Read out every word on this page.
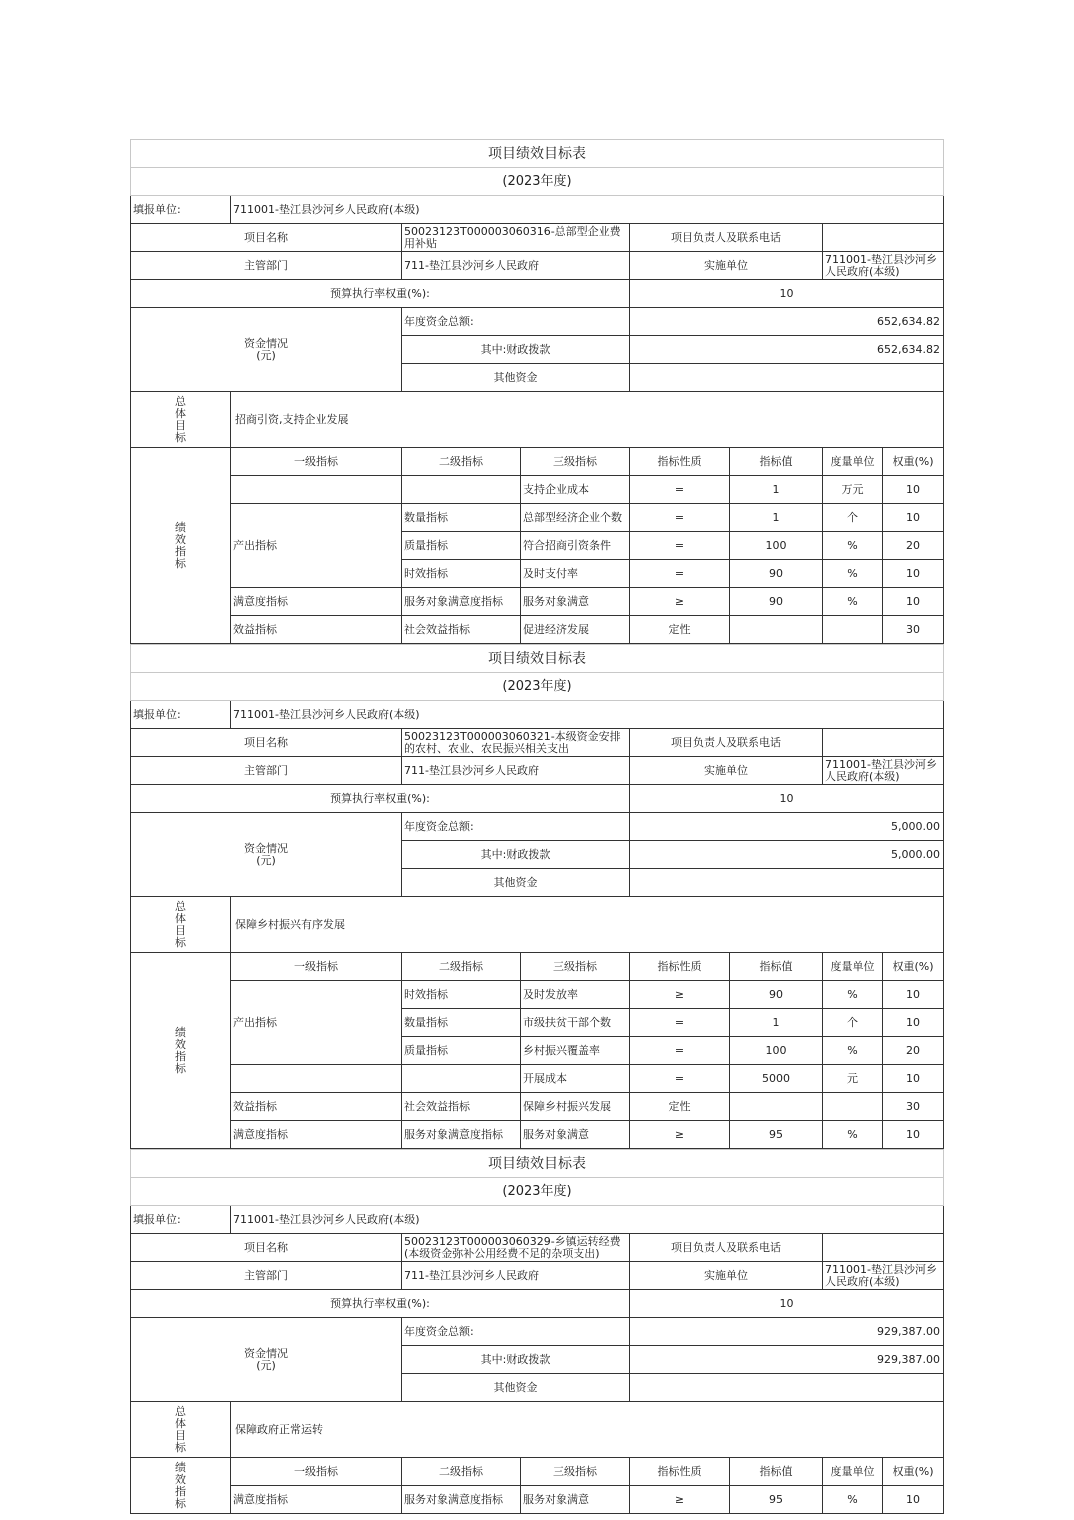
项目绩效目标表							
(2023年度)							
填报单位:	711001-垫江县沙河乡人民政府(本级)						
项目名称		50023123T000003060316-总部型企业费用补贴		项目负责人及联系电话			
主管部门		711-垫江县沙河乡人民政府		实施单位		711001-垫江县沙河乡人民政府(本级)	
预算执行率权重(%):				10			

资金情况
(元)		年度资金总额:		652,634.82			
		其中:财政拨款		652,634.82			
		其他资金					

总
体
目
标	招商引资,支持企业发展						

绩
效
指
标	一级指标	二级指标	三级指标	指标性质	指标值	度量单位	权重(%)
			支持企业成本	=	1	万元	10
	产出指标	数量指标	总部型经济企业个数	=	1	个	10
		质量指标	符合招商引资条件	=	100	%	20
		时效指标	及时支付率	=	90	%	10
	满意度指标	服务对象满意度指标	服务对象满意	≥	90	%	10
	效益指标	社会效益指标	促进经济发展	定性			30
项目绩效目标表							
(2023年度)							
填报单位:	711001-垫江县沙河乡人民政府(本级)						
项目名称		50023123T000003060321-本级资金安排的农村、农业、农民振兴相关支出		项目负责人及联系电话			
主管部门		711-垫江县沙河乡人民政府		实施单位		711001-垫江县沙河乡人民政府(本级)	
预算执行率权重(%):				10			

资金情况
(元)		年度资金总额:		5,000.00			
		其中:财政拨款		5,000.00			
		其他资金					

总
体
目
标	保障乡村振兴有序发展						

绩
效
指
标	一级指标	二级指标	三级指标	指标性质	指标值	度量单位	权重(%)
	产出指标	时效指标	及时发放率	≥	90	%	10
		数量指标	市级扶贫干部个数	=	1	个	10
		质量指标	乡村振兴覆盖率	=	100	%	20
			开展成本	=	5000	元	10
	效益指标	社会效益指标	保障乡村振兴发展	定性			30
	满意度指标	服务对象满意度指标	服务对象满意	≥	95	%	10
项目绩效目标表							
(2023年度)							
填报单位:	711001-垫江县沙河乡人民政府(本级)						
项目名称		50023123T000003060329-乡镇运转经费(本级资金弥补公用经费不足的杂项支出)		项目负责人及联系电话			
主管部门		711-垫江县沙河乡人民政府		实施单位		711001-垫江县沙河乡人民政府(本级)	
预算执行率权重(%):				10			

资金情况
(元)		年度资金总额:		929,387.00			
		其中:财政拨款		929,387.00			
		其他资金					

总
体
目
标	保障政府正常运转						

绩
效
指
标	一级指标	二级指标	三级指标	指标性质	指标值	度量单位	权重(%)
	满意度指标	服务对象满意度指标	服务对象满意	≥	95	%	10
